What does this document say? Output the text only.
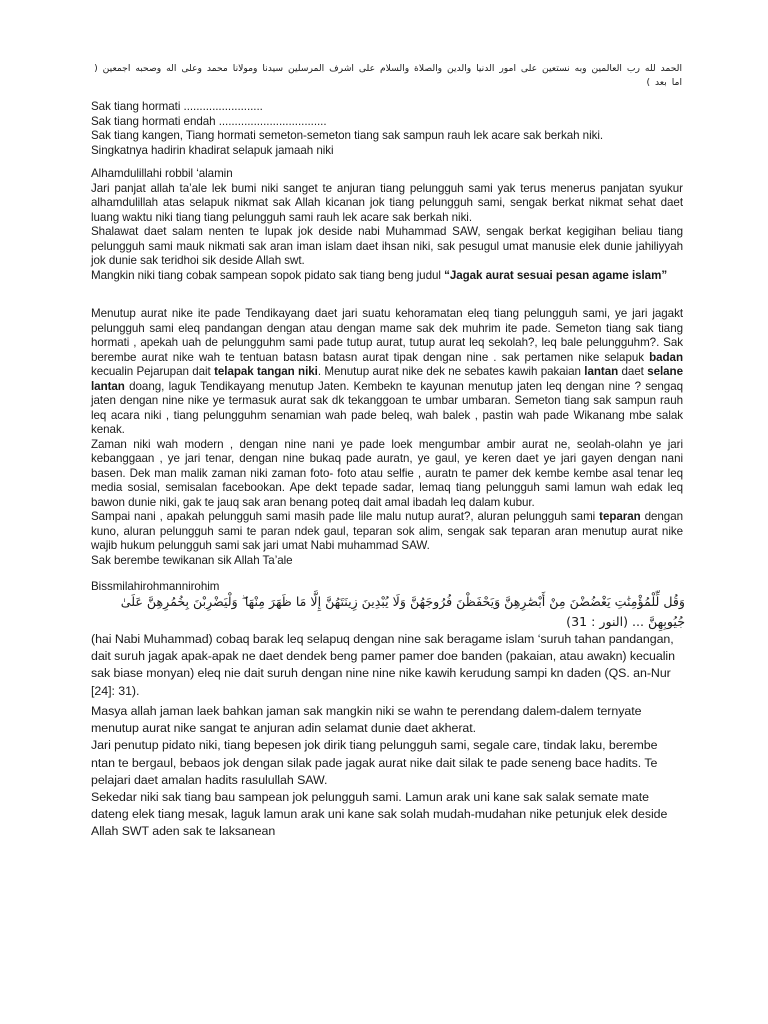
الحمد لله رب العالمين وبه نستعين على امور الدنيا والدين والصلاة والسلام على اشرف المرسلين سيدنا ومولانا محمد وعلى اله وصحبه اجمعين ( اما بعد )

Sak tiang hormati .........................

Sak tiang hormati endah ..................................

Sak tiang kangen, Tiang hormati semeton-semeton tiang sak sampun rauh lek acare sak berkah niki.

Singkatnya hadirin khadirat selapuk jamaah niki

Alhamdulillahi robbil ‘alamin

Jari panjat allah ta’ale lek bumi niki sanget te anjuran tiang pelungguh sami yak terus menerus panjatan syukur alhamdulillah atas selapuk nikmat sak Allah kicanan jok tiang pelungguh sami, sengak berkat nikmat sehat daet luang waktu niki tiang tiang pelungguh sami rauh lek acare sak berkah niki.

Shalawat daet salam nenten te lupak jok deside nabi Muhammad SAW, sengak berkat kegigihan beliau tiang pelungguh sami mauk nikmati sak aran iman islam daet ihsan niki, sak pesugul umat manusie elek dunie jahiliyyah jok dunie sak teridhoi sik deside Allah swt.

Mangkin niki tiang cobak sampean sopok pidato sak tiang beng judul “Jagak aurat sesuai pesan agame islam”

Menutup aurat nike ite pade Tendikayang daet jari suatu kehoramatan eleq tiang pelungguh sami, ye jari jagakt pelungguh sami eleq pandangan dengan atau dengan mame sak dek muhrim ite pade. Semeton tiang sak tiang hormati , apekah uah de pelungguhm sami pade tutup aurat, tutup aurat leq sekolah?, leq bale pelungguhm?. Sak berembe aurat nike wah te tentuan batasn batasn aurat tipak dengan nine . sak pertamen nike selapuk badan kecualin Pejarupan dait telapak tangan niki. Menutup aurat nike dek ne sebates kawih pakaian lantan daet selane lantan doang, laguk Tendikayang menutup Jaten. Kembekn te kayunan menutup jaten leq dengan nine ? sengaq jaten dengan nine nike ye termasuk aurat sak dk tekanggoan te umbar umbaran. Semeton tiang sak sampun rauh leq acara niki , tiang pelungguhm senamian wah pade beleq, wah balek , pastin wah pade Wikanang mbe salak kenak.

Zaman niki wah modern , dengan nine nani ye pade loek mengumbar ambir aurat ne, seolah-olahn ye jari kebanggaan , ye jari tenar, dengan nine bukaq pade auratn, ye gaul, ye keren daet ye jari gayen dengan nani basen. Dek man malik zaman niki zaman foto- foto atau selfie , auratn te pamer dek kembe kembe asal tenar leq media sosial, semisalan facebookan. Ape dekt tepade sadar, lemaq tiang pelungguh sami lamun wah edak leq bawon dunie niki, gak te jauq sak aran benang poteq dait amal ibadah leq dalam kubur.

Sampai nani , apakah pelungguh sami masih pade lile malu nutup aurat?, aluran pelungguh sami teparan dengan kuno, aluran pelungguh sami te paran ndek gaul, teparan sok alim, sengak sak teparan aran menutup aurat nike wajib hukum pelungguh sami sak jari umat Nabi muhammad SAW.

Sak berembe tewikanan sik Allah Ta’ale

Bissmilahirohmannirohim

وَقُل لِّلْمُؤْمِنَٰتِ يَغْضُضْنَ مِنْ أَبْصَٰرِهِنَّ وَيَحْفَظْنَ فُرُوجَهُنَّ وَلَا يُبْدِينَ زِينَتَهُنَّ إِلَّا مَا ظَهَرَ مِنْهَا ۖ وَلْيَضْرِبْنَ بِخُمُرِهِنَّ عَلَىٰ جُيُوبِهِنَّ ... (النور : 31)

(hai Nabi Muhammad) cobaq barak leq selapuq dengan nine sak beragame islam ‘suruh tahan pandangan, dait suruh jagak apak-apak ne daet dendek beng pamer pamer doe banden (pakaian, atau awakn) kecualin sak biase monyan) eleq nie dait suruh dengan nine nine nike kawih kerudung sampi kn daden (QS. an-Nur [24]: 31).

Masya allah jaman laek bahkan jaman sak mangkin niki se wahn te perendang dalem-dalem ternyate menutup aurat nike sangat te anjuran adin selamat dunie daet akherat.

Jari penutup pidato niki, tiang bepesen jok dirik tiang pelungguh sami, segale care, tindak laku, berembe ntan te bergaul, bebaos jok dengan silak pade jagak aurat nike dait silak te pade seneng bace hadits. Te pelajari daet amalan hadits rasulullah SAW.

Sekedar niki sak tiang bau sampean jok pelungguh sami. Lamun arak uni kane sak salak semate mate dateng elek tiang mesak, laguk lamun arak uni kane sak solah mudah-mudahan nike petunjuk elek deside Allah SWT aden sak te laksanean
